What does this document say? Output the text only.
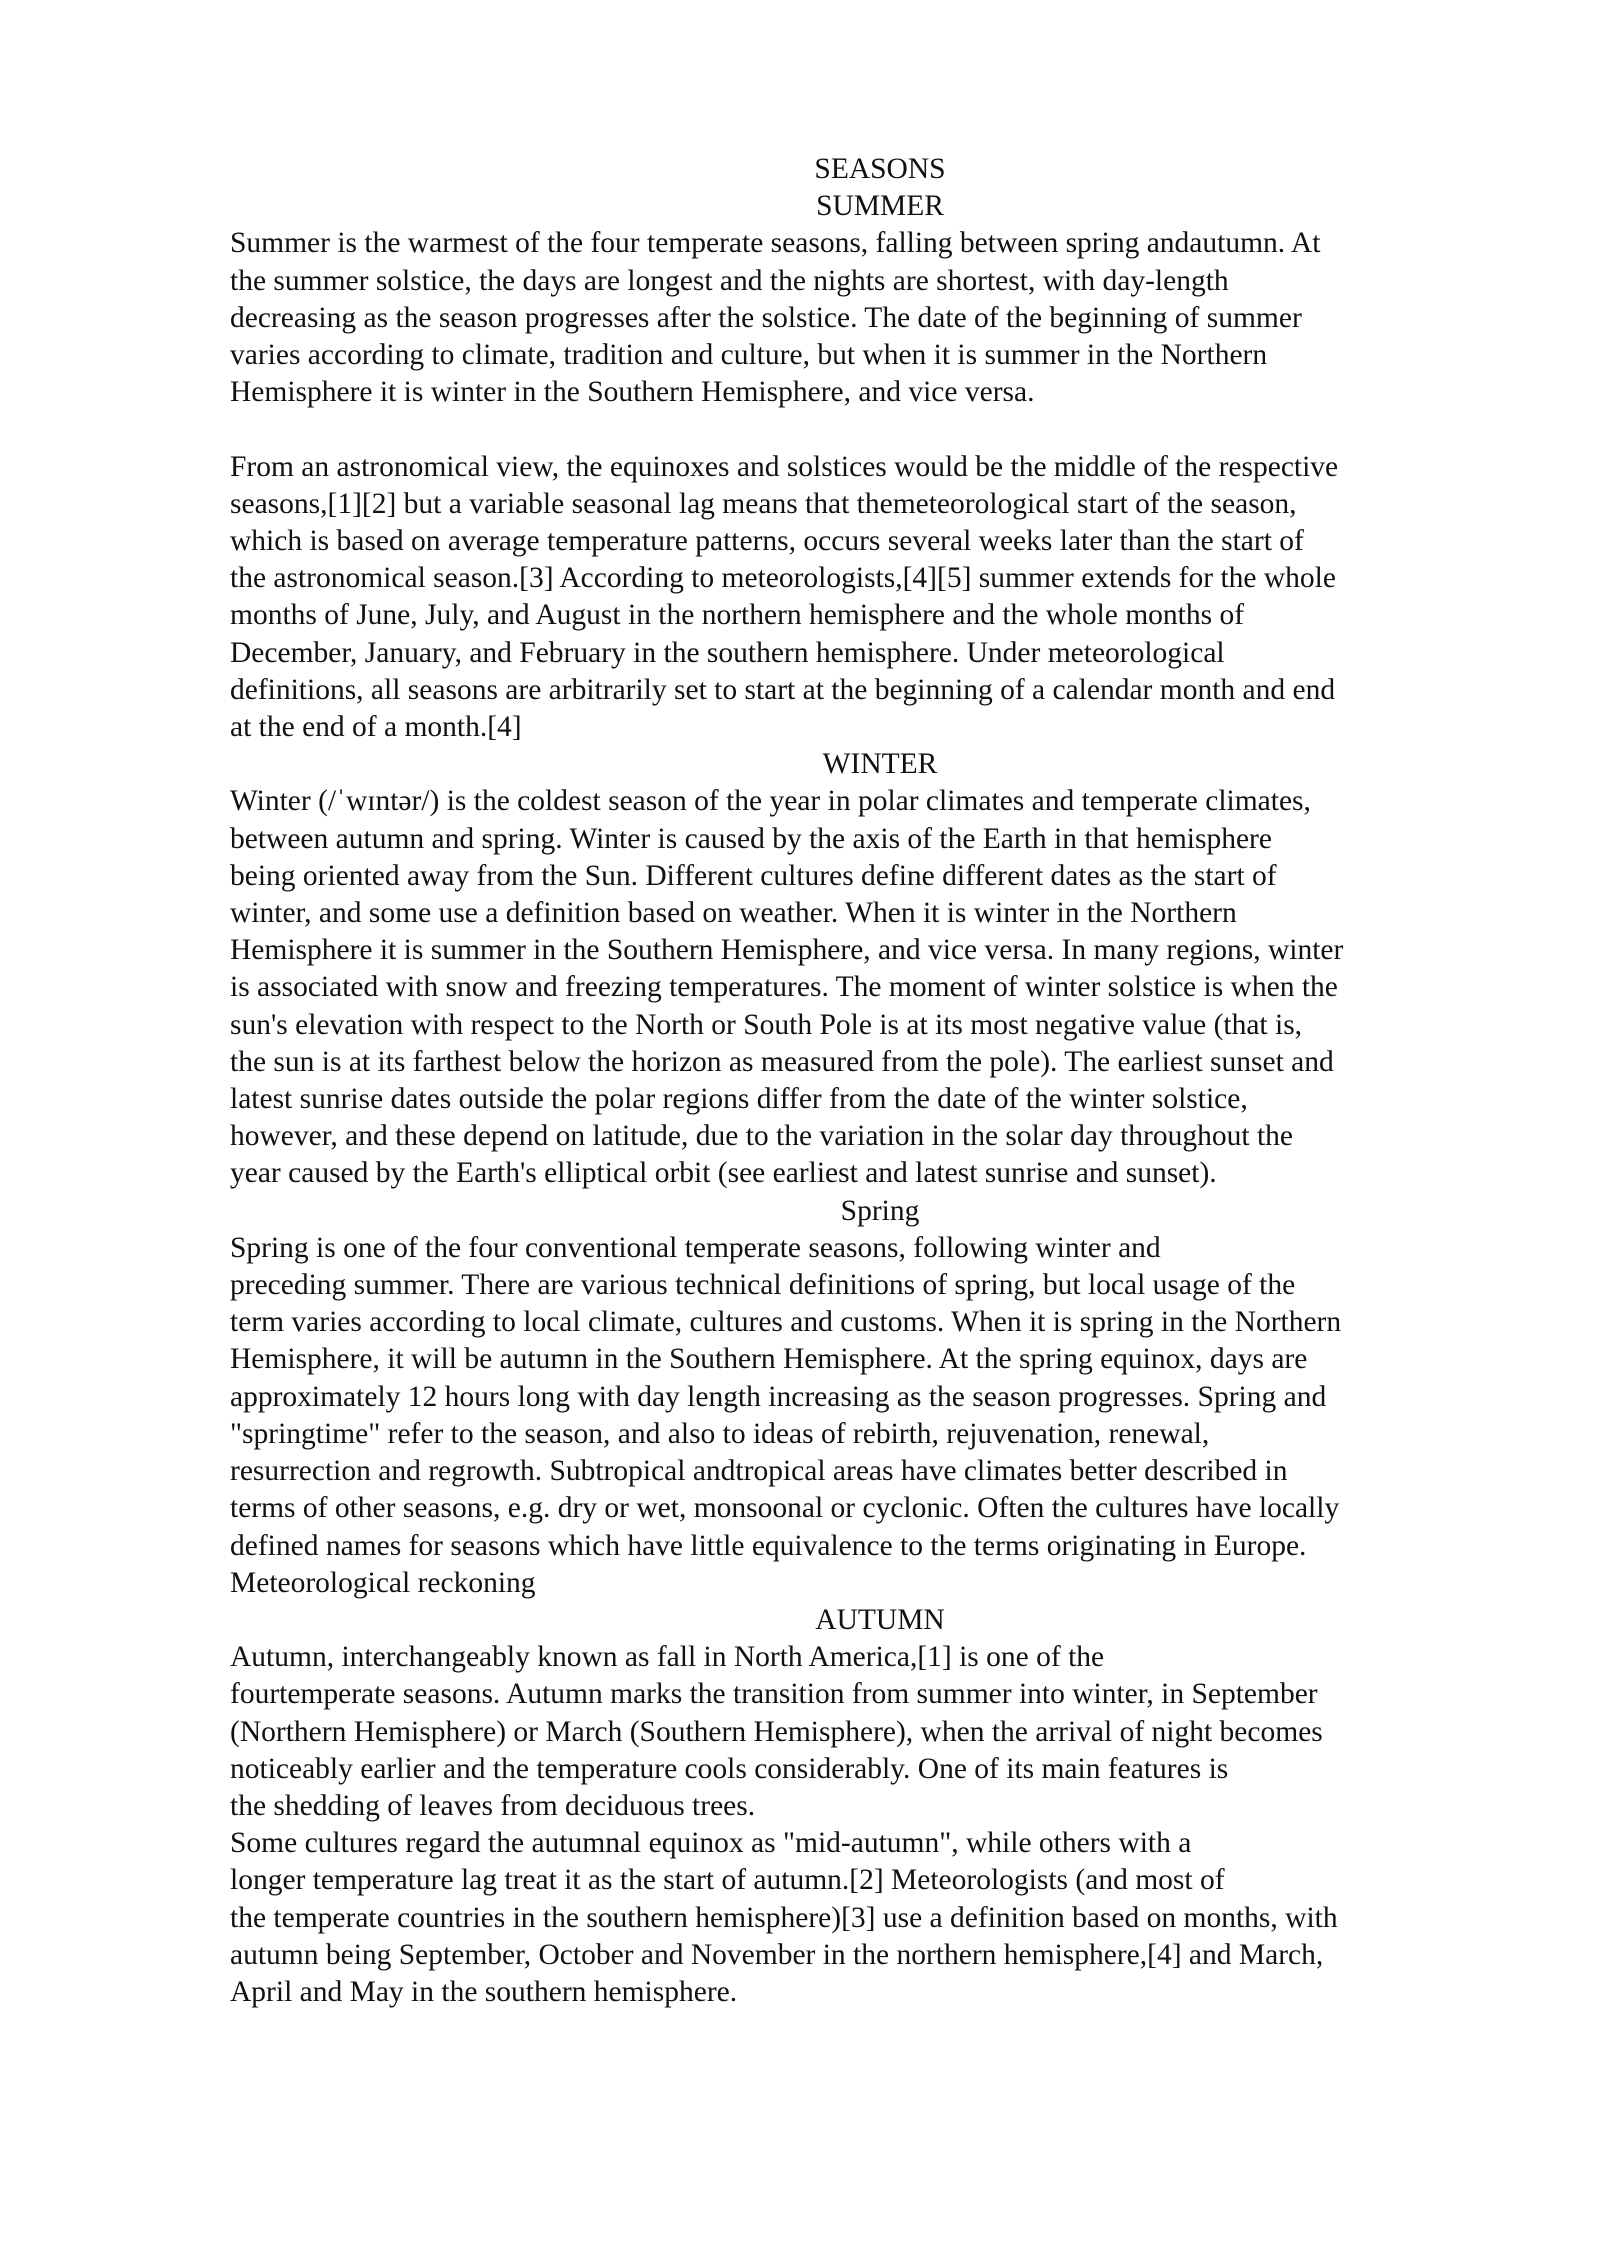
SEASONS
SUMMER
Summer is the warmest of the four temperate seasons, falling between spring andautumn. At
the summer solstice, the days are longest and the nights are shortest, with day-length
decreasing as the season progresses after the solstice. The date of the beginning of summer
varies according to climate, tradition and culture, but when it is summer in the Northern
Hemisphere it is winter in the Southern Hemisphere, and vice versa.
From an astronomical view, the equinoxes and solstices would be the middle of the respective
seasons,[1][2] but a variable seasonal lag means that themeteorological start of the season,
which is based on average temperature patterns, occurs several weeks later than the start of
the astronomical season.[3] According to meteorologists,[4][5] summer extends for the whole
months of June, July, and August in the northern hemisphere and the whole months of
December, January, and February in the southern hemisphere. Under meteorological
definitions, all seasons are arbitrarily set to start at the beginning of a calendar month and end
at the end of a month.[4]
WINTER
Winter (/ˈwɪntər/) is the coldest season of the year in polar climates and temperate climates,
between autumn and spring. Winter is caused by the axis of the Earth in that hemisphere
being oriented away from the Sun. Different cultures define different dates as the start of
winter, and some use a definition based on weather. When it is winter in the Northern
Hemisphere it is summer in the Southern Hemisphere, and vice versa. In many regions, winter
is associated with snow and freezing temperatures. The moment of winter solstice is when the
sun's elevation with respect to the North or South Pole is at its most negative value (that is,
the sun is at its farthest below the horizon as measured from the pole). The earliest sunset and
latest sunrise dates outside the polar regions differ from the date of the winter solstice,
however, and these depend on latitude, due to the variation in the solar day throughout the
year caused by the Earth's elliptical orbit (see earliest and latest sunrise and sunset).
Spring
Spring is one of the four conventional temperate seasons, following winter and
preceding summer. There are various technical definitions of spring, but local usage of the
term varies according to local climate, cultures and customs. When it is spring in the Northern
Hemisphere, it will be autumn in the Southern Hemisphere. At the spring equinox, days are
approximately 12 hours long with day length increasing as the season progresses. Spring and
"springtime" refer to the season, and also to ideas of rebirth, rejuvenation, renewal,
resurrection and regrowth. Subtropical andtropical areas have climates better described in
terms of other seasons, e.g. dry or wet, monsoonal or cyclonic. Often the cultures have locally
defined names for seasons which have little equivalence to the terms originating in Europe.
Meteorological reckoning
AUTUMN
Autumn, interchangeably known as fall in North America,[1] is one of the
fourtemperate seasons. Autumn marks the transition from summer into winter, in September
(Northern Hemisphere) or March (Southern Hemisphere), when the arrival of night becomes
noticeably earlier and the temperature cools considerably. One of its main features is
the shedding of leaves from deciduous trees.
Some cultures regard the autumnal equinox as "mid-autumn", while others with a
longer temperature lag treat it as the start of autumn.[2] Meteorologists (and most of
the temperate countries in the southern hemisphere)[3] use a definition based on months, with
autumn being September, October and November in the northern hemisphere,[4] and March,
April and May in the southern hemisphere.
